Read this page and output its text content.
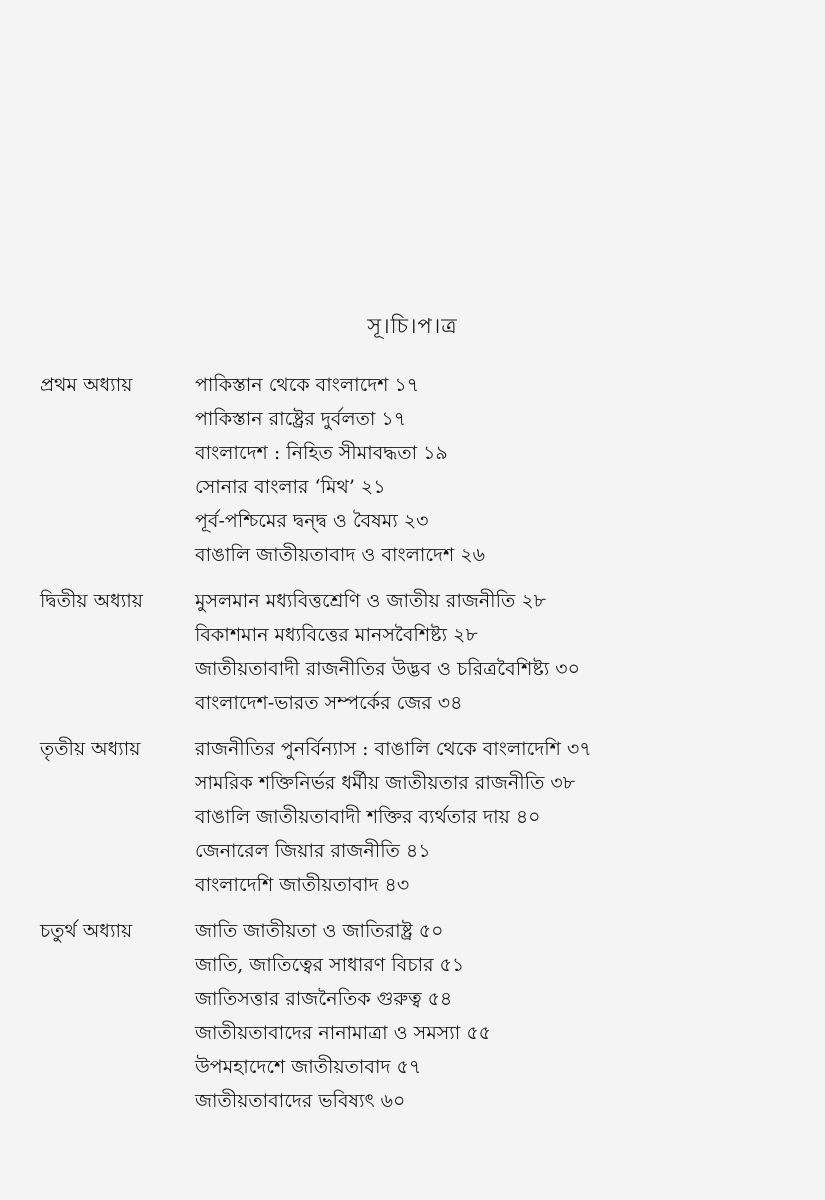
সূ।চি।প।ত্র
প্রথম অধ্যায়	পাকিস্তান থেকে বাংলাদেশ ১৭
পাকিস্তান রাষ্ট্রের দুর্বলতা ১৭
বাংলাদেশ : নিহিত সীমাবদ্ধতা ১৯
সোনার বাংলার ‘মিথ’ ২১
পূর্ব-পশ্চিমের দ্বন্দ্ব ও বৈষম্য ২৩
বাঙালি জাতীয়তাবাদ ও বাংলাদেশ ২৬
দ্বিতীয় অধ্যায়	মুসলমান মধ্যবিত্তশ্রেণি ও জাতীয় রাজনীতি ২৮
বিকাশমান মধ্যবিত্তের মানসবৈশিষ্ট্য ২৮
জাতীয়তাবাদী রাজনীতির উদ্ভব ও চরিত্রবৈশিষ্ট্য ৩০
বাংলাদেশ-ভারত সম্পর্কের জের ৩৪
তৃতীয় অধ্যায়	রাজনীতির পুনর্বিন্যাস : বাঙালি থেকে বাংলাদেশি ৩৭
সামরিক শক্তিনির্ভর ধর্মীয় জাতীয়তার রাজনীতি ৩৮
বাঙালি জাতীয়তাবাদী শক্তির ব্যর্থতার দায় ৪০
জেনারেল জিয়ার রাজনীতি ৪১
বাংলাদেশি জাতীয়তাবাদ ৪৩
চতুর্থ অধ্যায়	জাতি জাতীয়তা ও জাতিরাষ্ট্র ৫০
জাতি, জাতিত্বের সাধারণ বিচার ৫১
জাতিসত্তার রাজনৈতিক গুরুত্ব ৫৪
জাতীয়তাবাদের নানামাত্রা ও সমস্যা ৫৫
উপমহাদেশে জাতীয়তাবাদ ৫৭
জাতীয়তাবাদের ভবিষ্যৎ ৬০
